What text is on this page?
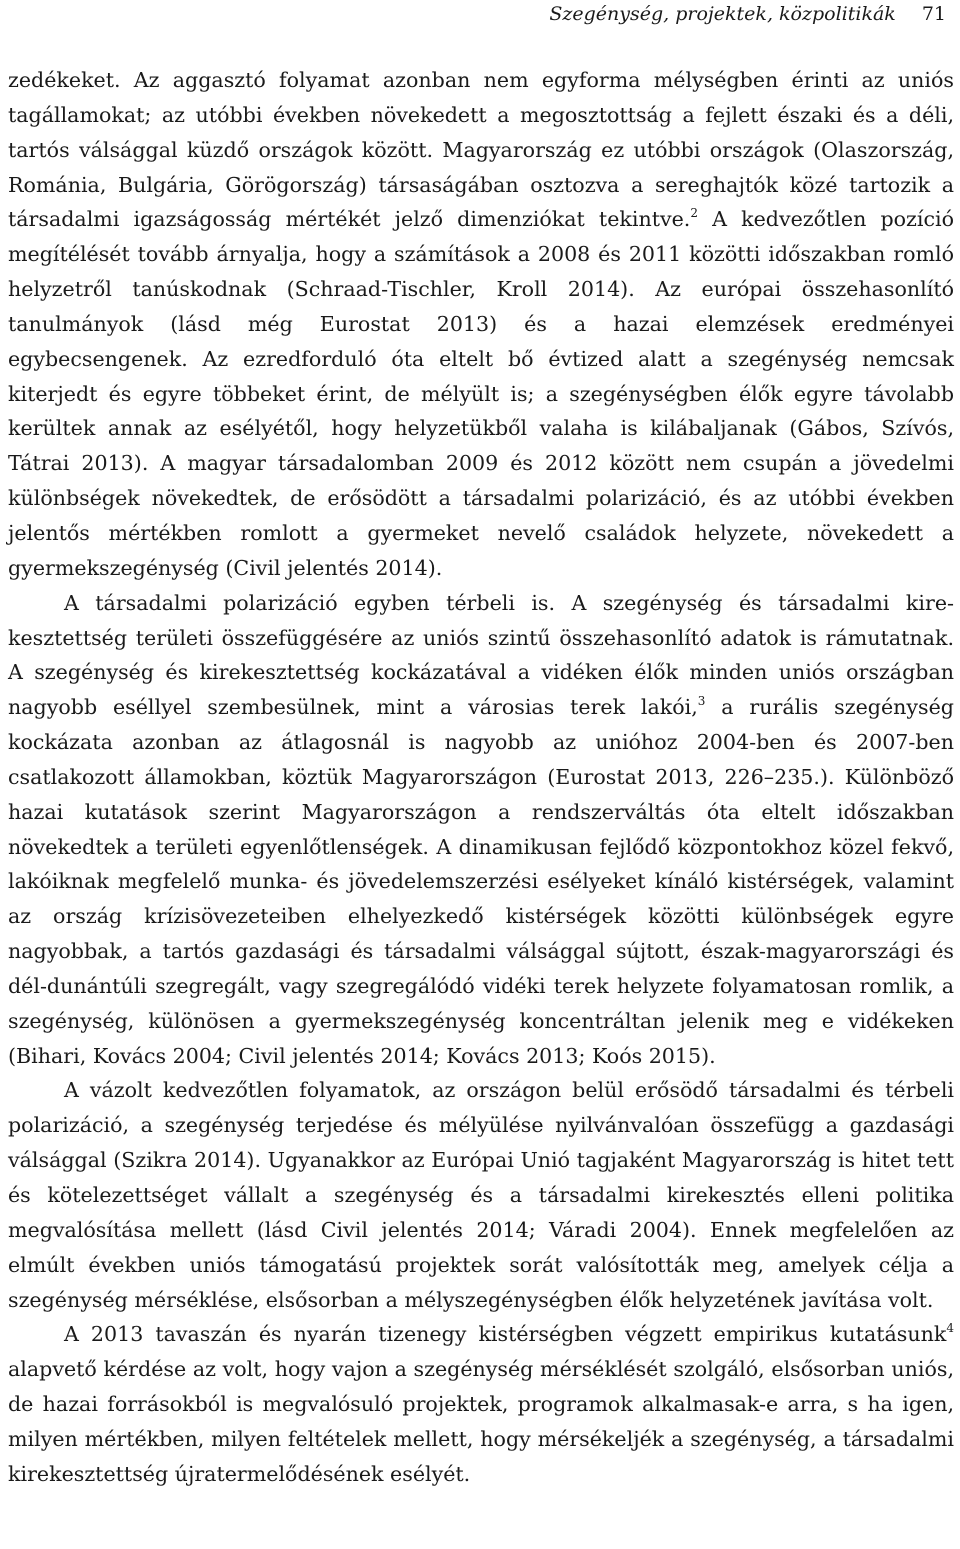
Szegénység, projektek, közpolitikák 71

zedékeket. Az aggasztó folyamat azonban nem egyforma mélységben érinti az uniós tagállamokat; az utóbbi években növekedett a megosztottság a fejlett északi és a déli, tartós válsággal küzdő országok között. Magyarország ez utóbbi országok (Olaszország, Románia, Bulgária, Görögország) társaságában osztozva a sereghajtók közé tartozik a társadalmi igazságosság mértékét jelző dimenziókat tekintve.$^2$ A kedvezőtlen pozíció megítélését tovább árnyalja, hogy a számítások a 2008 és 2011 közötti időszakban romló helyzetről tanúskodnak (Schraad-Tischler, Kroll 2014). Az európai összehasonlító tanulmányok (lásd még Eurostat 2013) és a hazai elemzések eredményei egybecsengenek. Az ezredforduló óta eltelt bő évtized alatt a szegénység nemcsak kiterjedt és egyre többeket érint, de mélyült is; a szegénységben élők egyre távolabb kerültek annak az esélyétől, hogy helyzetükből valaha is kilábaljanak (Gábos, Szívós, Tátrai 2013). A magyar társadalomban 2009 és 2012 között nem csupán a jövedelmi különbségek növekedtek, de erősödött a társadalmi polarizáció, és az utóbbi években jelentős mértékben romlott a gyermeket nevelő családok helyzete, növekedett a gyermekszegénység (Civil jelentés 2014).

A társadalmi polarizáció egyben térbeli is. A szegénység és társadalmi kirekesztettség területi összefüggésére az uniós szintű összehasonlító adatok is rámutatnak. A szegénység és kirekesztettség kockázatával a vidéken élők minden uniós országban nagyobb eséllyel szembesülnek, mint a városias terek lakói,$^3$ a rurális szegénység kockázata azonban az átlagosnál is nagyobb az unióhoz 2004-ben és 2007-ben csatlakozott államokban, köztük Magyarországon (Eurostat 2013, 226–235.). Különböző hazai kutatások szerint Magyarországon a rendszerváltás óta eltelt időszakban növekedtek a területi egyenlőtlenségek. A dinamikusan fejlődő központokhoz közel fekvő, lakóiknak megfelelő munka- és jövedelemszerzési esélyeket kínáló kistérségek, valamint az ország krízisövezeteiben elhelyezkedő kistérségek közötti különbségek egyre nagyobbak, a tartós gazdasági és társadalmi válsággal sújtott, észak-magyarországi és dél-dunántúli szegregált, vagy szegregálódó vidéki terek helyzete folyamatosan romlik, a szegénység, különösen a gyermekszegénység koncentráltan jelenik meg e vidékeken (Bihari, Kovács 2004; Civil jelentés 2014; Kovács 2013; Koós 2015).

A vázolt kedvezőtlen folyamatok, az országon belül erősödő társadalmi és térbeli polarizáció, a szegénység terjedése és mélyülése nyilvánvalóan összefügg a gazdasági válsággal (Szikra 2014). Ugyanakkor az Európai Unió tagjaként Magyarország is hitet tett és kötelezettséget vállalt a szegénység és a társadalmi kirekesztés elleni politika megvalósítása mellett (lásd Civil jelentés 2014; Váradi 2004). Ennek megfelelően az elmúlt években uniós támogatású projektek sorát valósították meg, amelyek célja a szegénység mérséklése, elsősorban a mélyszegénységben élők helyzetének javítása volt.

A 2013 tavaszán és nyarán tizenegy kistérségben végzett empirikus kutatásunk$^4$ alapvető kérdése az volt, hogy vajon a szegénység mérséklését szolgáló, elsősorban uniós, de hazai forrásokból is megvalósuló projektek, programok alkalmasak-e arra, s ha igen, milyen mértékben, milyen feltételek mellett, hogy mérsékeljék a szegénység, a társadalmi kirekesztettség újratermelődésének esélyét.
